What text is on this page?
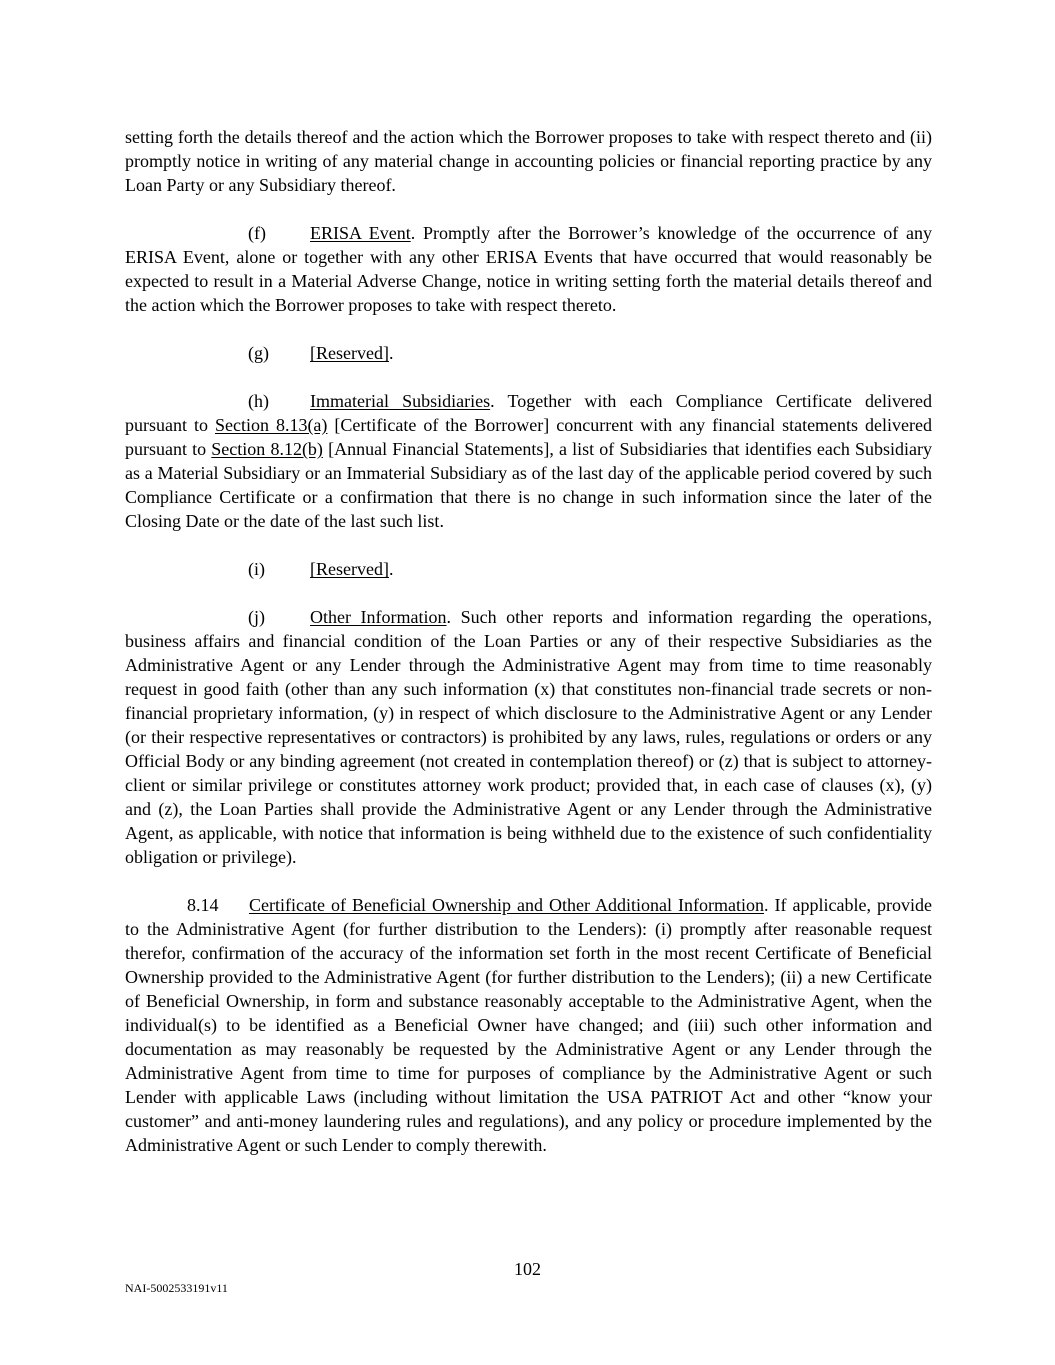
setting forth the details thereof and the action which the Borrower proposes to take with respect thereto and (ii) promptly notice in writing of any material change in accounting policies or financial reporting practice by any Loan Party or any Subsidiary thereof.

(f) ERISA Event. Promptly after the Borrower’s knowledge of the occurrence of any ERISA Event, alone or together with any other ERISA Events that have occurred that would reasonably be expected to result in a Material Adverse Change, notice in writing setting forth the material details thereof and the action which the Borrower proposes to take with respect thereto.

(g) [Reserved].

(h) Immaterial Subsidiaries. Together with each Compliance Certificate delivered pursuant to Section 8.13(a) [Certificate of the Borrower] concurrent with any financial statements delivered pursuant to Section 8.12(b) [Annual Financial Statements], a list of Subsidiaries that identifies each Subsidiary as a Material Subsidiary or an Immaterial Subsidiary as of the last day of the applicable period covered by such Compliance Certificate or a confirmation that there is no change in such information since the later of the Closing Date or the date of the last such list.

(i)	[Reserved].

(j)	Other Information. Such other reports and information regarding the operations, business affairs and financial condition of the Loan Parties or any of their respective Subsidiaries as the Administrative Agent or any Lender through the Administrative Agent may from time to time reasonably request in good faith (other than any such information (x) that constitutes non-financial trade secrets or non-financial proprietary information, (y) in respect of which disclosure to the Administrative Agent or any Lender (or their respective representatives or contractors) is prohibited by any laws, rules, regulations or orders or any Official Body or any binding agreement (not created in contemplation thereof) or (z) that is subject to attorney-client or similar privilege or constitutes attorney work product; provided that, in each case of clauses (x), (y) and (z), the Loan Parties shall provide the Administrative Agent or any Lender through the Administrative Agent, as applicable, with notice that information is being withheld due to the existence of such confidentiality obligation or privilege).

8.14 Certificate of Beneficial Ownership and Other Additional Information. If applicable, provide to the Administrative Agent (for further distribution to the Lenders): (i) promptly after reasonable request therefor, confirmation of the accuracy of the information set forth in the most recent Certificate of Beneficial Ownership provided to the Administrative Agent (for further distribution to the Lenders); (ii) a new Certificate of Beneficial Ownership, in form and substance reasonably acceptable to the Administrative Agent, when the individual(s) to be identified as a Beneficial Owner have changed; and (iii) such other information and documentation as may reasonably be requested by the Administrative Agent or any Lender through the Administrative Agent from time to time for purposes of compliance by the Administrative Agent or such Lender with applicable Laws (including without limitation the USA PATRIOT Act and other “know your customer” and anti-money laundering rules and regulations), and any policy or procedure implemented by the Administrative Agent or such Lender to comply therewith.

102
NAI-5002533191v11
